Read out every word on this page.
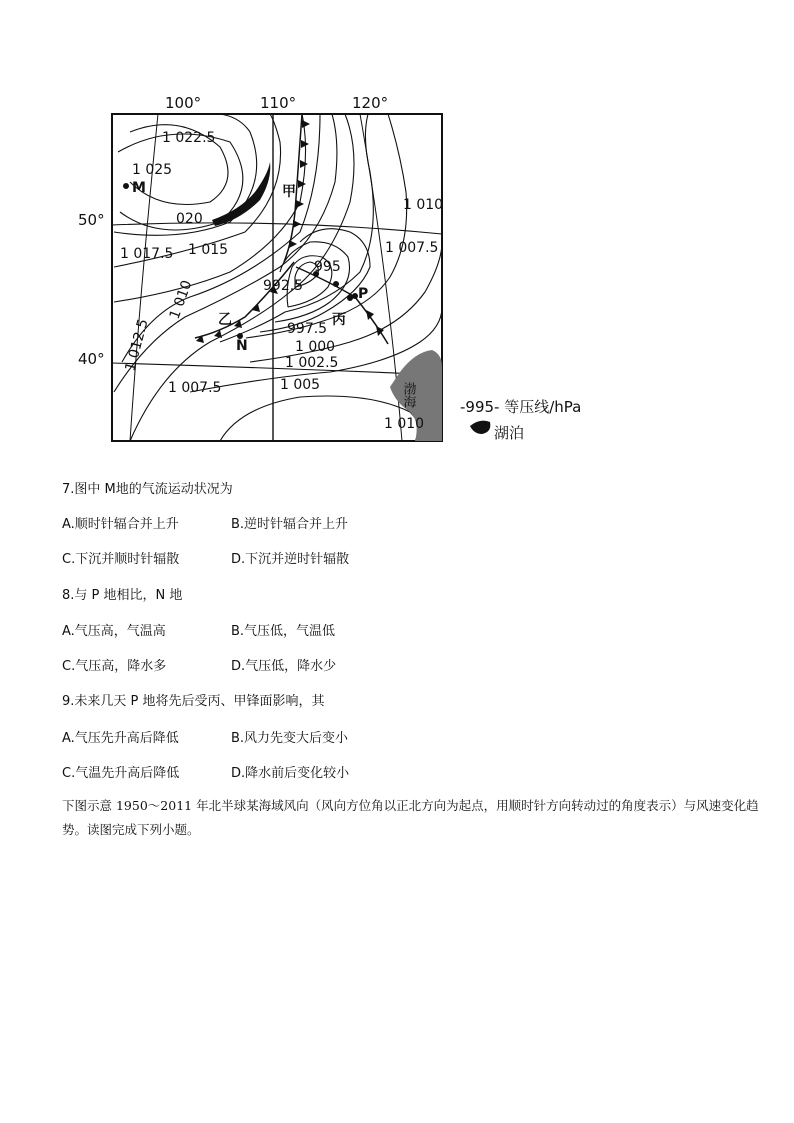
100°	110°	120°
50°
40°
1 022.5
1 025
020
1 017.5 1 015
1 010
1 012.5
1 007.5	1 005
1 002.5
1 000
997.5
995
992.5
1 010
1 007.5
1 010
M
N
P
甲
乙	丙
渤海	-995- 等压线/hPa
湖泊
7.图中 M地的气流运动状况为
A.顺时针辐合并上升	B.逆时针辐合并上升
C.下沉并顺时针辐散	D.下沉并逆时针辐散
8.与 P 地相比，N 地
A.气压高，气温高	B.气压低，气温低
C.气压高，降水多	D.气压低，降水少
9.未来几天 P 地将先后受丙、甲锋面影响，其
A.气压先升高后降低	B.风力先变大后变小
C.气温先升高后降低	D.降水前后变化较小
下图示意 1950～2011 年北半球某海域风向（风向方位角以正北方向为起点，用顺时针方向转动过的角度表示）与风速变化趋势。读图完成下列小题。
